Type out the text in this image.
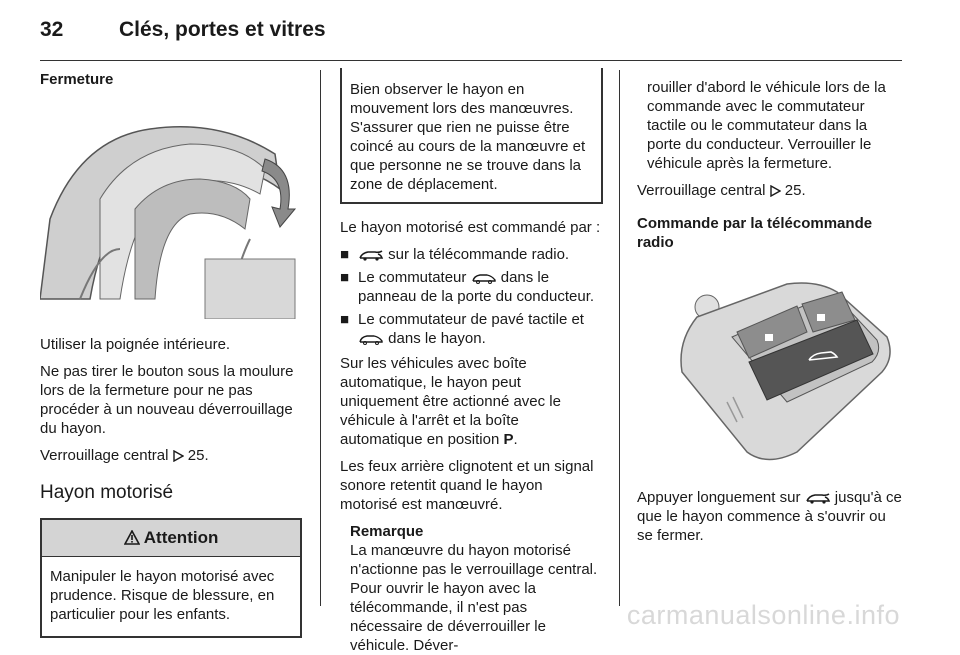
32	Clés, portes et vitres

Fermeture

Utiliser la poignée intérieure.

Ne pas tirer le bouton sous la moulure lors de la fermeture pour ne pas procéder à un nouveau déverrouillage du hayon.

Verrouillage central 25.

Hayon motorisé

Attention
Manipuler le hayon motorisé avec prudence. Risque de blessure, en particulier pour les enfants.
Bien observer le hayon en mouvement lors des manœuvres. S'assurer que rien ne puisse être coincé au cours de la manœuvre et que personne ne se trouve dans la zone de déplacement.

Le hayon motorisé est commandé par :

■ sur la télécommande radio.
■ Le commutateur  dans le panneau de la porte du conducteur.
■ Le commutateur de pavé tactile et  dans le hayon.

Sur les véhicules avec boîte automatique, le hayon peut uniquement être actionné avec le véhicule à l'arrêt et la boîte automatique en position P.

Les feux arrière clignotent et un signal sonore retentit quand le hayon motorisé est manœuvré.

Remarque
La manœuvre du hayon motorisé n'actionne pas le verrouillage central. Pour ouvrir le hayon avec la télécommande, il n'est pas nécessaire de déverrouiller le véhicule. Déver-

rouiller d'abord le véhicule lors de la commande avec le commutateur tactile ou le commutateur dans la porte du conducteur. Verrouiller le véhicule après la fermeture.

Verrouillage central 25.

Commande par la télécommande radio

Appuyer longuement sur  jusqu'à ce que le hayon commence à s'ouvrir ou se fermer.

carmanualsonline.info
